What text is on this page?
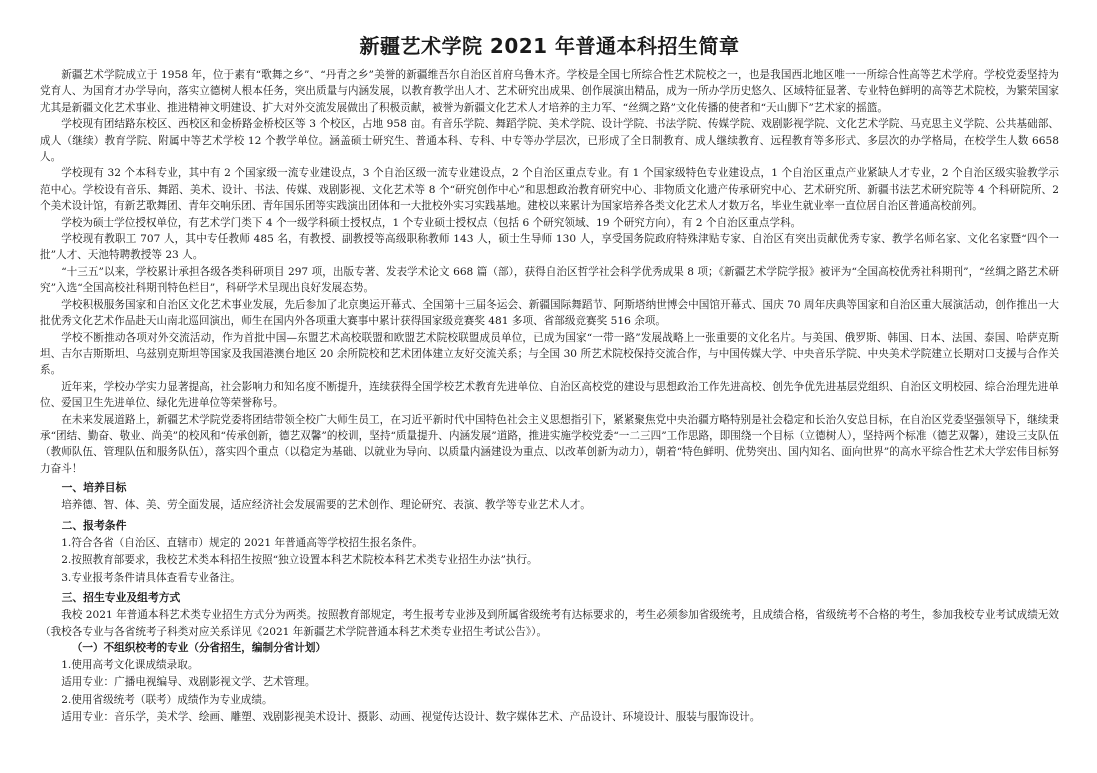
新疆艺术学院 2021 年普通本科招生简章

新疆艺术学院成立于 1958 年，位于素有“歌舞之乡”、“丹青之乡”美誉的新疆维吾尔自治区首府乌鲁木齐。学校是全国七所综合性艺术院校之一，也是我国西北地区唯一一所综合性高等艺术学府。学校党委坚持为党育人、为国育才办学导向，落实立德树人根本任务，突出质量与内涵发展，以教育教学出人才、艺术研究出成果、创作展演出精品，成为一所办学历史悠久、区域特征显著、专业特色鲜明的高等艺术院校，为繁荣国家尤其是新疆文化艺术事业、推进精神文明建设、扩大对外交流发展做出了积极贡献，被誉为新疆文化艺术人才培养的主力军、“丝绸之路”文化传播的使者和“天山脚下”艺术家的摇篮。

学校现有团结路东校区、西校区和金桥路金桥校区等 3 个校区，占地 958 亩。有音乐学院、舞蹈学院、美术学院、设计学院、书法学院、传媒学院、戏剧影视学院、文化艺术学院、马克思主义学院、公共基础部、成人（继续）教育学院、附属中等艺术学校 12 个教学单位。涵盖硕士研究生、普通本科、专科、中专等办学层次，已形成了全日制教育、成人继续教育、远程教育等多形式、多层次的办学格局，在校学生人数 6658 人。

学校现有 32 个本科专业，其中有 2 个国家级一流专业建设点，3 个自治区级一流专业建设点，2 个自治区重点专业。有 1 个国家级特色专业建设点，1 个自治区重点产业紧缺人才专业，2 个自治区级实验教学示范中心。学校设有音乐、舞蹈、美术、设计、书法、传媒、戏剧影视、文化艺术等 8 个“研究创作中心”和思想政治教育研究中心、非物质文化遗产传承研究中心、艺术研究所、新疆书法艺术研究院等 4 个科研院所、2 个美术设计馆，有新艺歌舞团、青年交响乐团、青年国乐团等实践演出团体和一大批校外实习实践基地。建校以来累计为国家培养各类文化艺术人才数万名，毕业生就业率一直位居自治区普通高校前列。

学校为硕士学位授权单位，有艺术学门类下 4 个一级学科硕士授权点，1 个专业硕士授权点（包括 6 个研究领域、19 个研究方向），有 2 个自治区重点学科。

学校现有教职工 707 人，其中专任教师 485 名，有教授、副教授等高级职称教师 143 人，硕士生导师 130 人，享受国务院政府特殊津贴专家、自治区有突出贡献优秀专家、教学名师名家、文化名家暨“四个一批”人才、天池特聘教授等 23 人。

“十三五”以来，学校累计承担各级各类科研项目 297 项，出版专著、发表学术论文 668 篇（部），获得自治区哲学社会科学优秀成果 8 项；《新疆艺术学院学报》被评为“全国高校优秀社科期刊”，“丝绸之路艺术研究”入选“全国高校社科期刊特色栏目”，科研学术呈现出良好发展态势。

学校积极服务国家和自治区文化艺术事业发展，先后参加了北京奥运开幕式、全国第十三届冬运会、新疆国际舞蹈节、阿斯塔纳世博会中国馆开幕式、国庆 70 周年庆典等国家和自治区重大展演活动，创作推出一大批优秀文化艺术作品赴天山南北巡回演出，师生在国内外各项重大赛事中累计获得国家级竞赛奖 481 多项、省部级竞赛奖 516 余项。

学校不断推动各项对外交流活动，作为首批中国—东盟艺术高校联盟和欧盟艺术院校联盟成员单位，已成为国家“一带一路”发展战略上一张重要的文化名片。与美国、俄罗斯、韩国、日本、法国、泰国、哈萨克斯坦、吉尔吉斯斯坦、乌兹别克斯坦等国家及我国港澳台地区 20 余所院校和艺术团体建立友好交流关系；与全国 30 所艺术院校保持交流合作，与中国传媒大学、中央音乐学院、中央美术学院建立长期对口支援与合作关系。

近年来，学校办学实力显著提高，社会影响力和知名度不断提升，连续获得全国学校艺术教育先进单位、自治区高校党的建设与思想政治工作先进高校、创先争优先进基层党组织、自治区文明校园、综合治理先进单位、爱国卫生先进单位、绿化先进单位等荣誉称号。

在未来发展道路上，新疆艺术学院党委将团结带领全校广大师生员工，在习近平新时代中国特色社会主义思想指引下，紧紧聚焦党中央治疆方略特别是社会稳定和长治久安总目标，在自治区党委坚强领导下，继续秉承“团结、勤奋、敬业、尚美”的校风和“传承创新，德艺双馨”的校训，坚持“质量提升、内涵发展”道路，推进实施学校党委“一二三四”工作思路，即围绕一个目标（立德树人），坚持两个标准（德艺双馨），建设三支队伍（教师队伍、管理队伍和服务队伍），落实四个重点（以稳定为基础、以就业为导向、以质量内涵建设为重点、以改革创新为动力），朝着“特色鲜明、优势突出、国内知名、面向世界”的高水平综合性艺术大学宏伟目标努力奋斗！

一、培养目标

培养德、智、体、美、劳全面发展，适应经济社会发展需要的艺术创作、理论研究、表演、教学等专业艺术人才。

二、报考条件

1.符合各省（自治区、直辖市）规定的 2021 年普通高等学校招生报名条件。

2.按照教育部要求，我校艺术类本科招生按照“独立设置本科艺术院校本科艺术类专业招生办法”执行。

3.专业报考条件请具体查看专业备注。

三、招生专业及组考方式

我校 2021 年普通本科艺术类专业招生方式分为两类。按照教育部规定，考生报考专业涉及到所属省级统考有达标要求的，考生必须参加省级统考，且成绩合格，省级统考不合格的考生，参加我校专业考试成绩无效（我校各专业与各省统考子科类对应关系详见《2021 年新疆艺术学院普通本科艺术类专业招生考试公告》）。

（一）不组织校考的专业（分省招生，编制分省计划）

1.使用高考文化课成绩录取。

适用专业：广播电视编导、戏剧影视文学、艺术管理。

2.使用省级统考（联考）成绩作为专业成绩。

适用专业：音乐学，美术学、绘画、雕塑、戏剧影视美术设计、摄影、动画、视觉传达设计、数字媒体艺术、产品设计、环境设计、服装与服饰设计。
